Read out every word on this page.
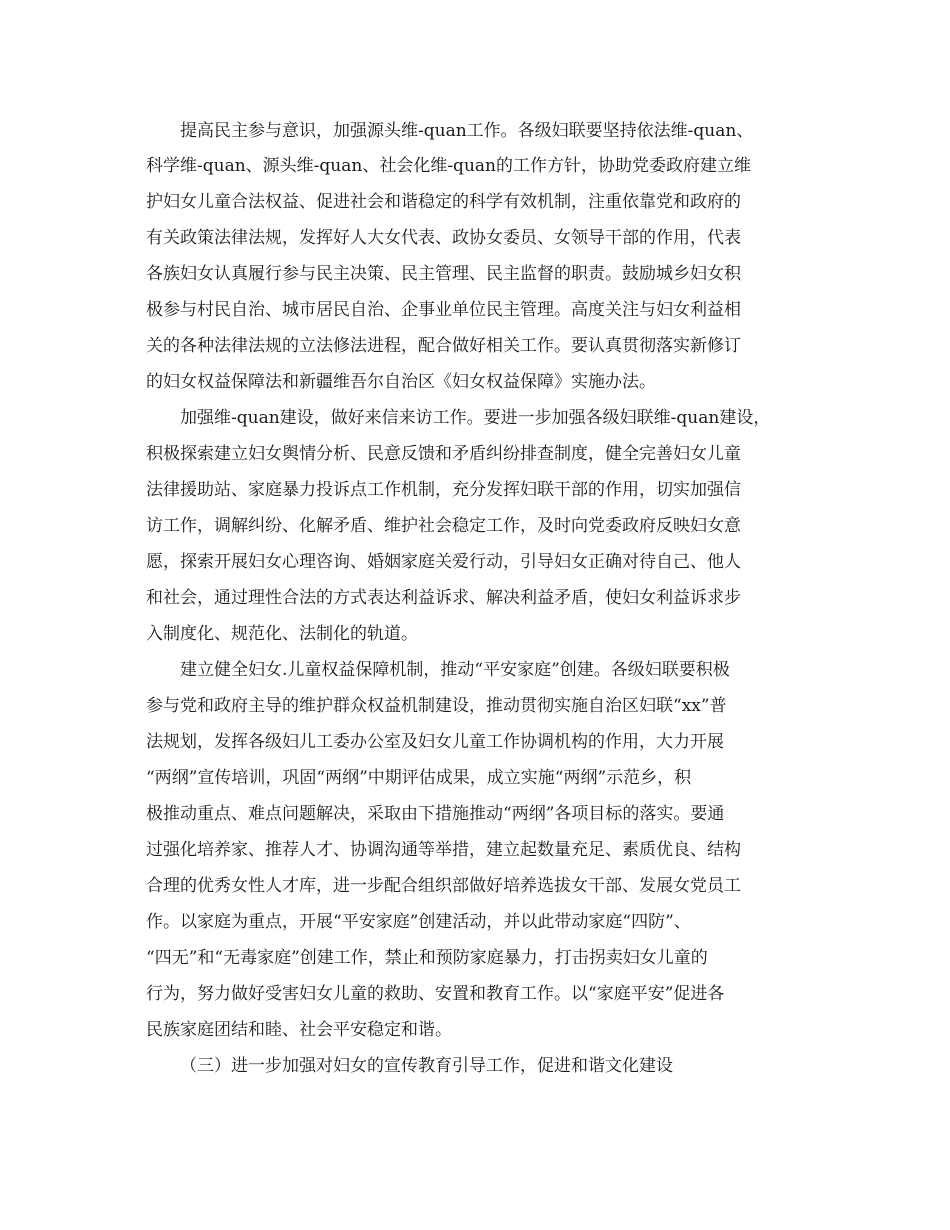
提高民主参与意识，加强源头维-quan工作。各级妇联要坚持依法维-quan、
科学维-quan、源头维-quan、社会化维-quan的工作方针，协助党委政府建立维
护妇女儿童合法权益、促进社会和谐稳定的科学有效机制，注重依靠党和政府的
有关政策法律法规，发挥好人大女代表、政协女委员、女领导干部的作用，代表
各族妇女认真履行参与民主决策、民主管理、民主监督的职责。鼓励城乡妇女积
极参与村民自治、城市居民自治、企事业单位民主管理。高度关注与妇女利益相
关的各种法律法规的立法修法进程，配合做好相关工作。要认真贯彻落实新修订
的妇女权益保障法和新疆维吾尔自治区《妇女权益保障》实施办法。
加强维-quan建设，做好来信来访工作。要进一步加强各级妇联维-quan建设，
积极探索建立妇女舆情分析、民意反馈和矛盾纠纷排查制度，健全完善妇女儿童
法律援助站、家庭暴力投诉点工作机制，充分发挥妇联干部的作用，切实加强信
访工作，调解纠纷、化解矛盾、维护社会稳定工作，及时向党委政府反映妇女意
愿，探索开展妇女心理咨询、婚姻家庭关爱行动，引导妇女正确对待自己、他人
和社会，通过理性合法的方式表达利益诉求、解决利益矛盾，使妇女利益诉求步
入制度化、规范化、法制化的轨道。
建立健全妇女.儿童权益保障机制，推动“平安家庭”创建。各级妇联要积极
参与党和政府主导的维护群众权益机制建设，推动贯彻实施自治区妇联“xx”普
法规划，发挥各级妇儿工委办公室及妇女儿童工作协调机构的作用，大力开展
“两纲”宣传培训，巩固“两纲”中期评估成果，成立实施“两纲”示范乡，积
极推动重点、难点问题解决，采取由下措施推动“两纲”各项目标的落实。要通
过强化培养家、推荐人才、协调沟通等举措，建立起数量充足、素质优良、结构
合理的优秀女性人才库，进一步配合组织部做好培养选拔女干部、发展女党员工
作。以家庭为重点，开展“平安家庭”创建活动，并以此带动家庭“四防”、
“四无”和“无毒家庭”创建工作，禁止和预防家庭暴力，打击拐卖妇女儿童的
行为，努力做好受害妇女儿童的救助、安置和教育工作。以“家庭平安”促进各
民族家庭团结和睦、社会平安稳定和谐。
（三）进一步加强对妇女的宣传教育引导工作，促进和谐文化建设
